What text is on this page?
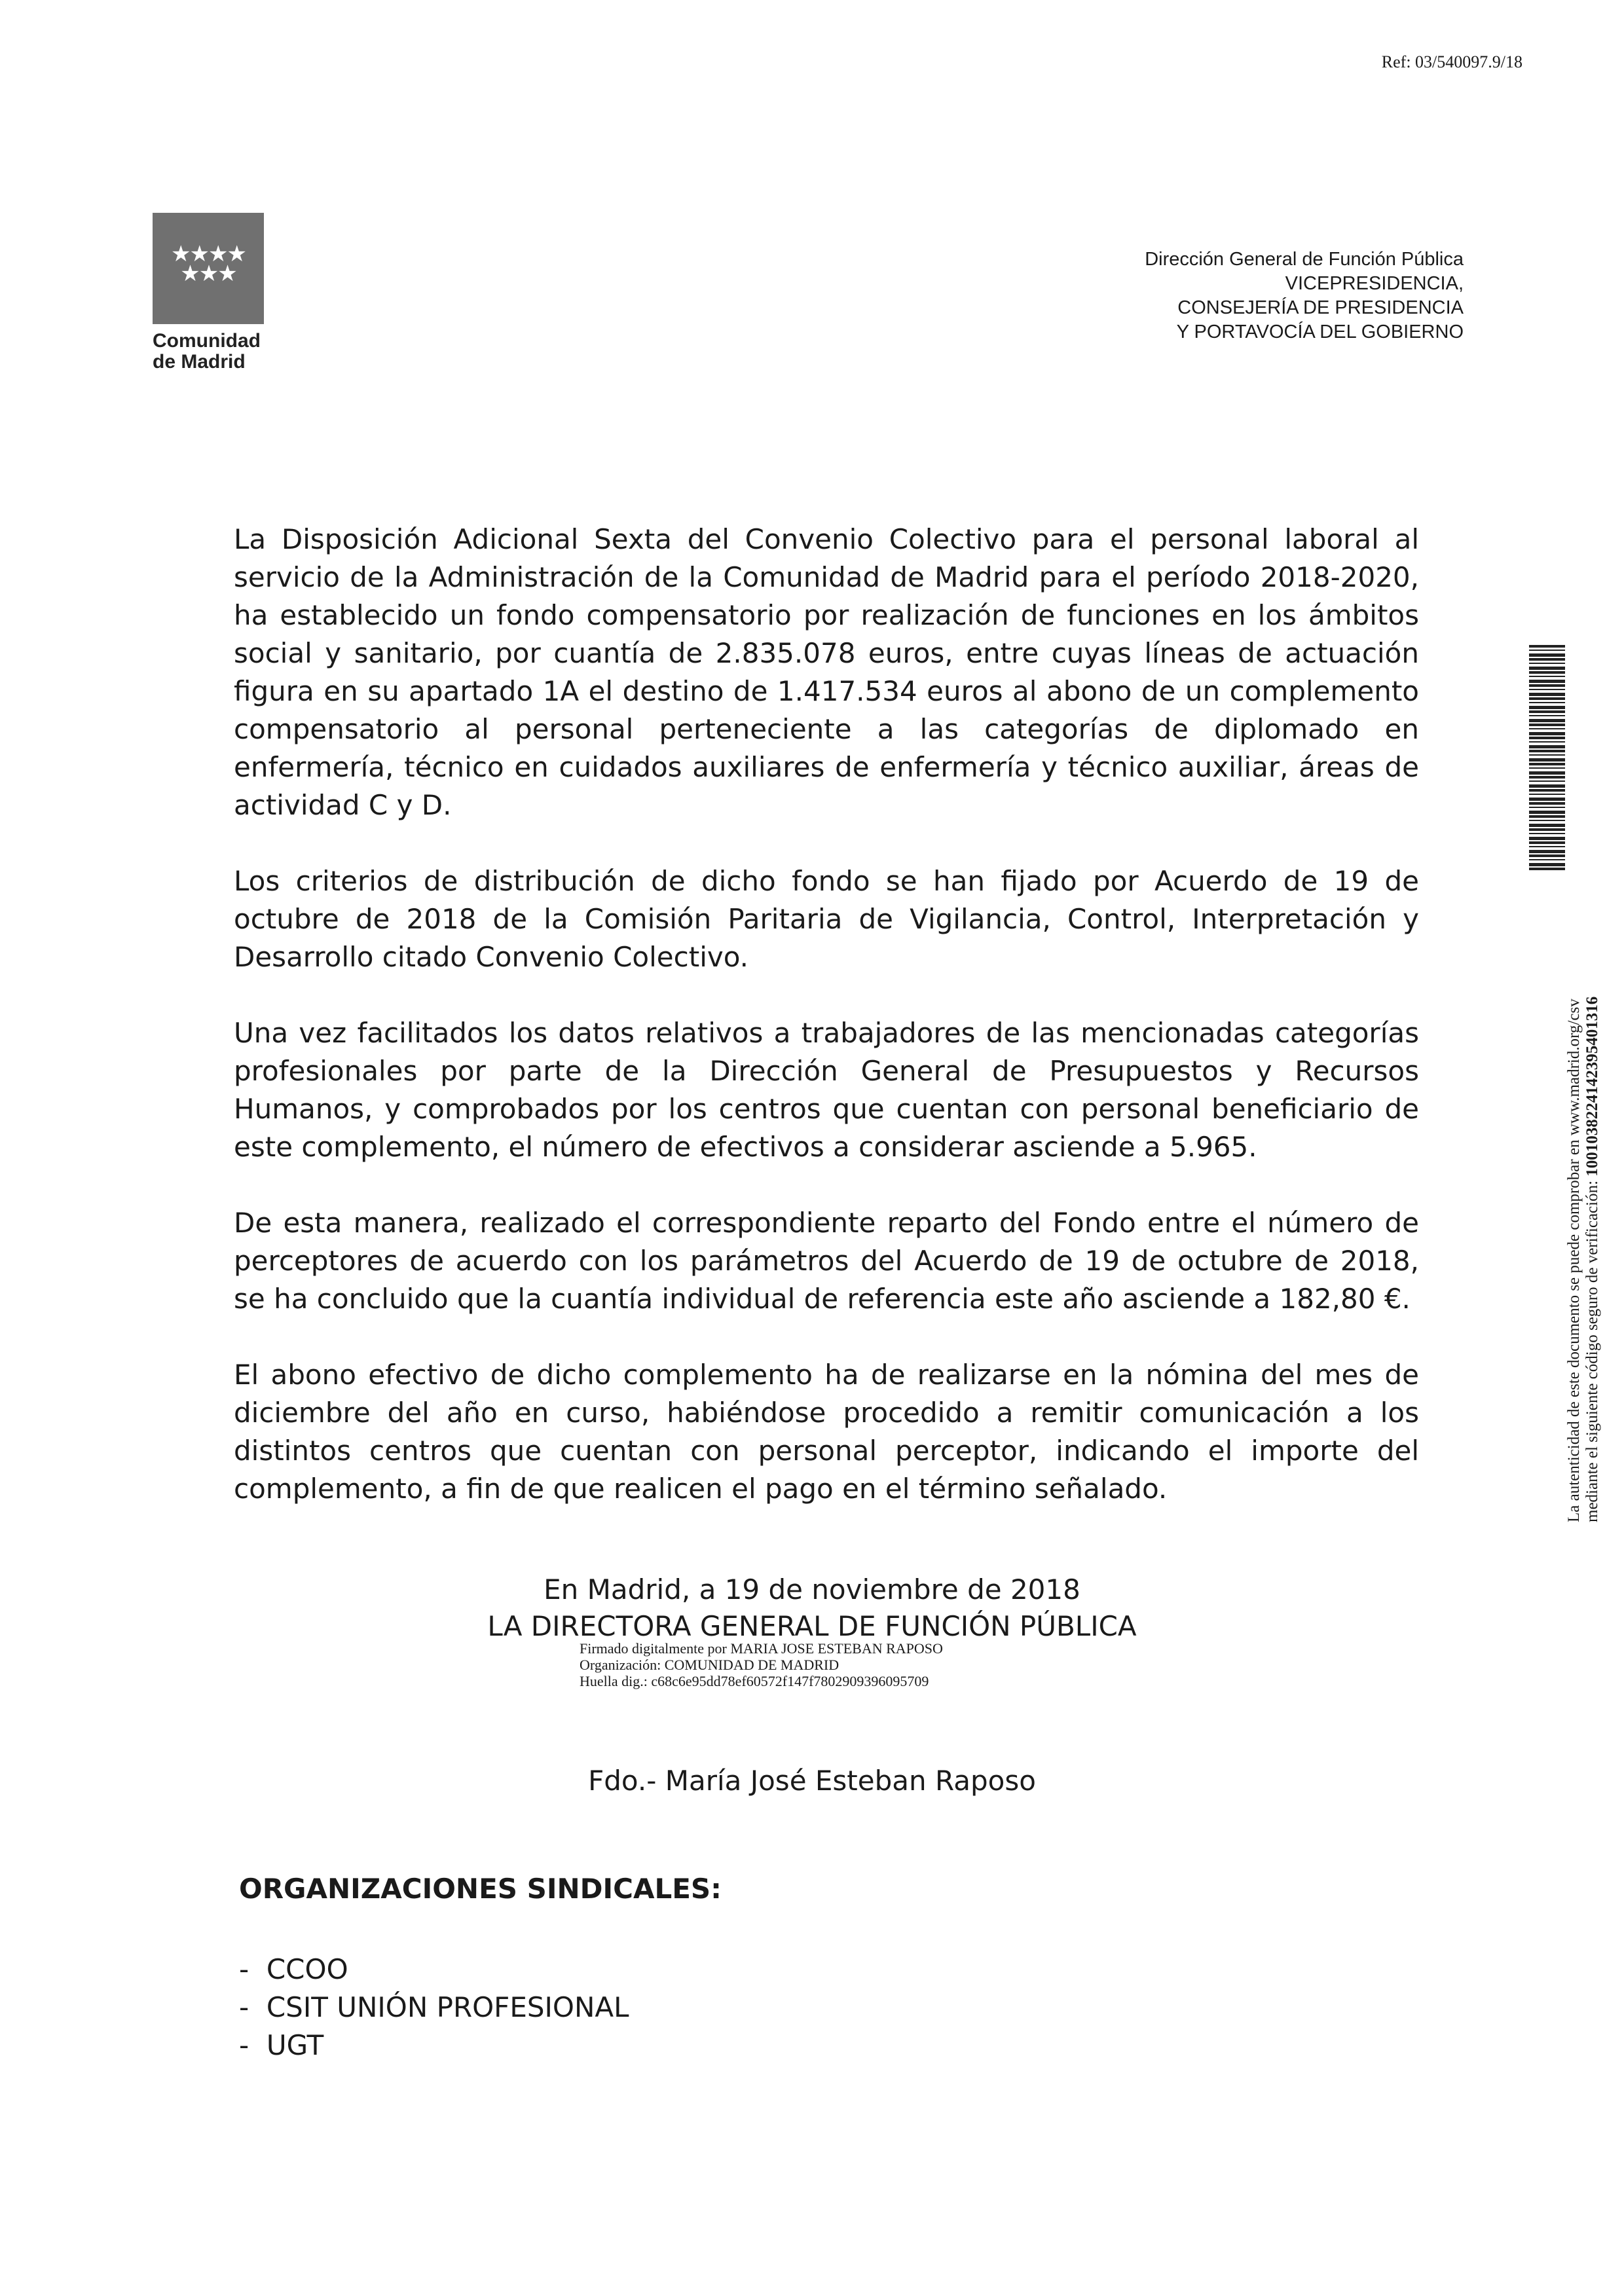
Ref: 03/540097.9/18
★★★★
★★★
Comunidad
de Madrid
Dirección General de Función Pública
VICEPRESIDENCIA,
CONSEJERÍA DE PRESIDENCIA
Y PORTAVOCÍA DEL GOBIERNO

La Disposición Adicional Sexta del Convenio Colectivo para el personal laboral al servicio de la Administración de la Comunidad de Madrid para el período 2018-2020, ha establecido un fondo compensatorio por realización de funciones en los ámbitos social y sanitario, por cuantía de 2.835.078 euros, entre cuyas líneas de actuación figura en su apartado 1A el destino de 1.417.534 euros al abono de un complemento compensatorio al personal perteneciente a las categorías de diplomado en enfermería, técnico en cuidados auxiliares de enfermería y técnico auxiliar, áreas de actividad C y D.

Los criterios de distribución de dicho fondo se han fijado por Acuerdo de 19 de octubre de 2018 de la Comisión Paritaria de Vigilancia, Control, Interpretación y Desarrollo citado Convenio Colectivo.

Una vez facilitados los datos relativos a trabajadores de las mencionadas categorías profesionales por parte de la Dirección General de Presupuestos y Recursos Humanos, y comprobados por los centros que cuentan con personal beneficiario de este complemento, el número de efectivos a considerar asciende a 5.965.

De esta manera, realizado el correspondiente reparto del Fondo entre el número de perceptores de acuerdo con los parámetros del Acuerdo de 19 de octubre de 2018, se ha concluido que la cuantía individual de referencia este año asciende a 182,80 €.

El abono efectivo de dicho complemento ha de realizarse en la nómina del mes de diciembre del año en curso, habiéndose procedido a remitir comunicación a los distintos centros que cuentan con personal perceptor, indicando el importe del complemento, a fin de que realicen el pago en el término señalado.

En Madrid, a 19 de noviembre de 2018
LA DIRECTORA GENERAL DE FUNCIÓN PÚBLICA
Firmado digitalmente por MARIA JOSE ESTEBAN RAPOSO
Organización: COMUNIDAD DE MADRID
Huella dig.: c68c6e95dd78ef60572f147f7802909396095709
Fdo.- María José Esteban Raposo
ORGANIZACIONES SINDICALES:
- CCOO
- CSIT UNIÓN PROFESIONAL
- UGT
La autenticidad de este documento se puede comprobar en www.madrid.org/csv mediante el siguiente código seguro de verificación: 1001038224142395401316
